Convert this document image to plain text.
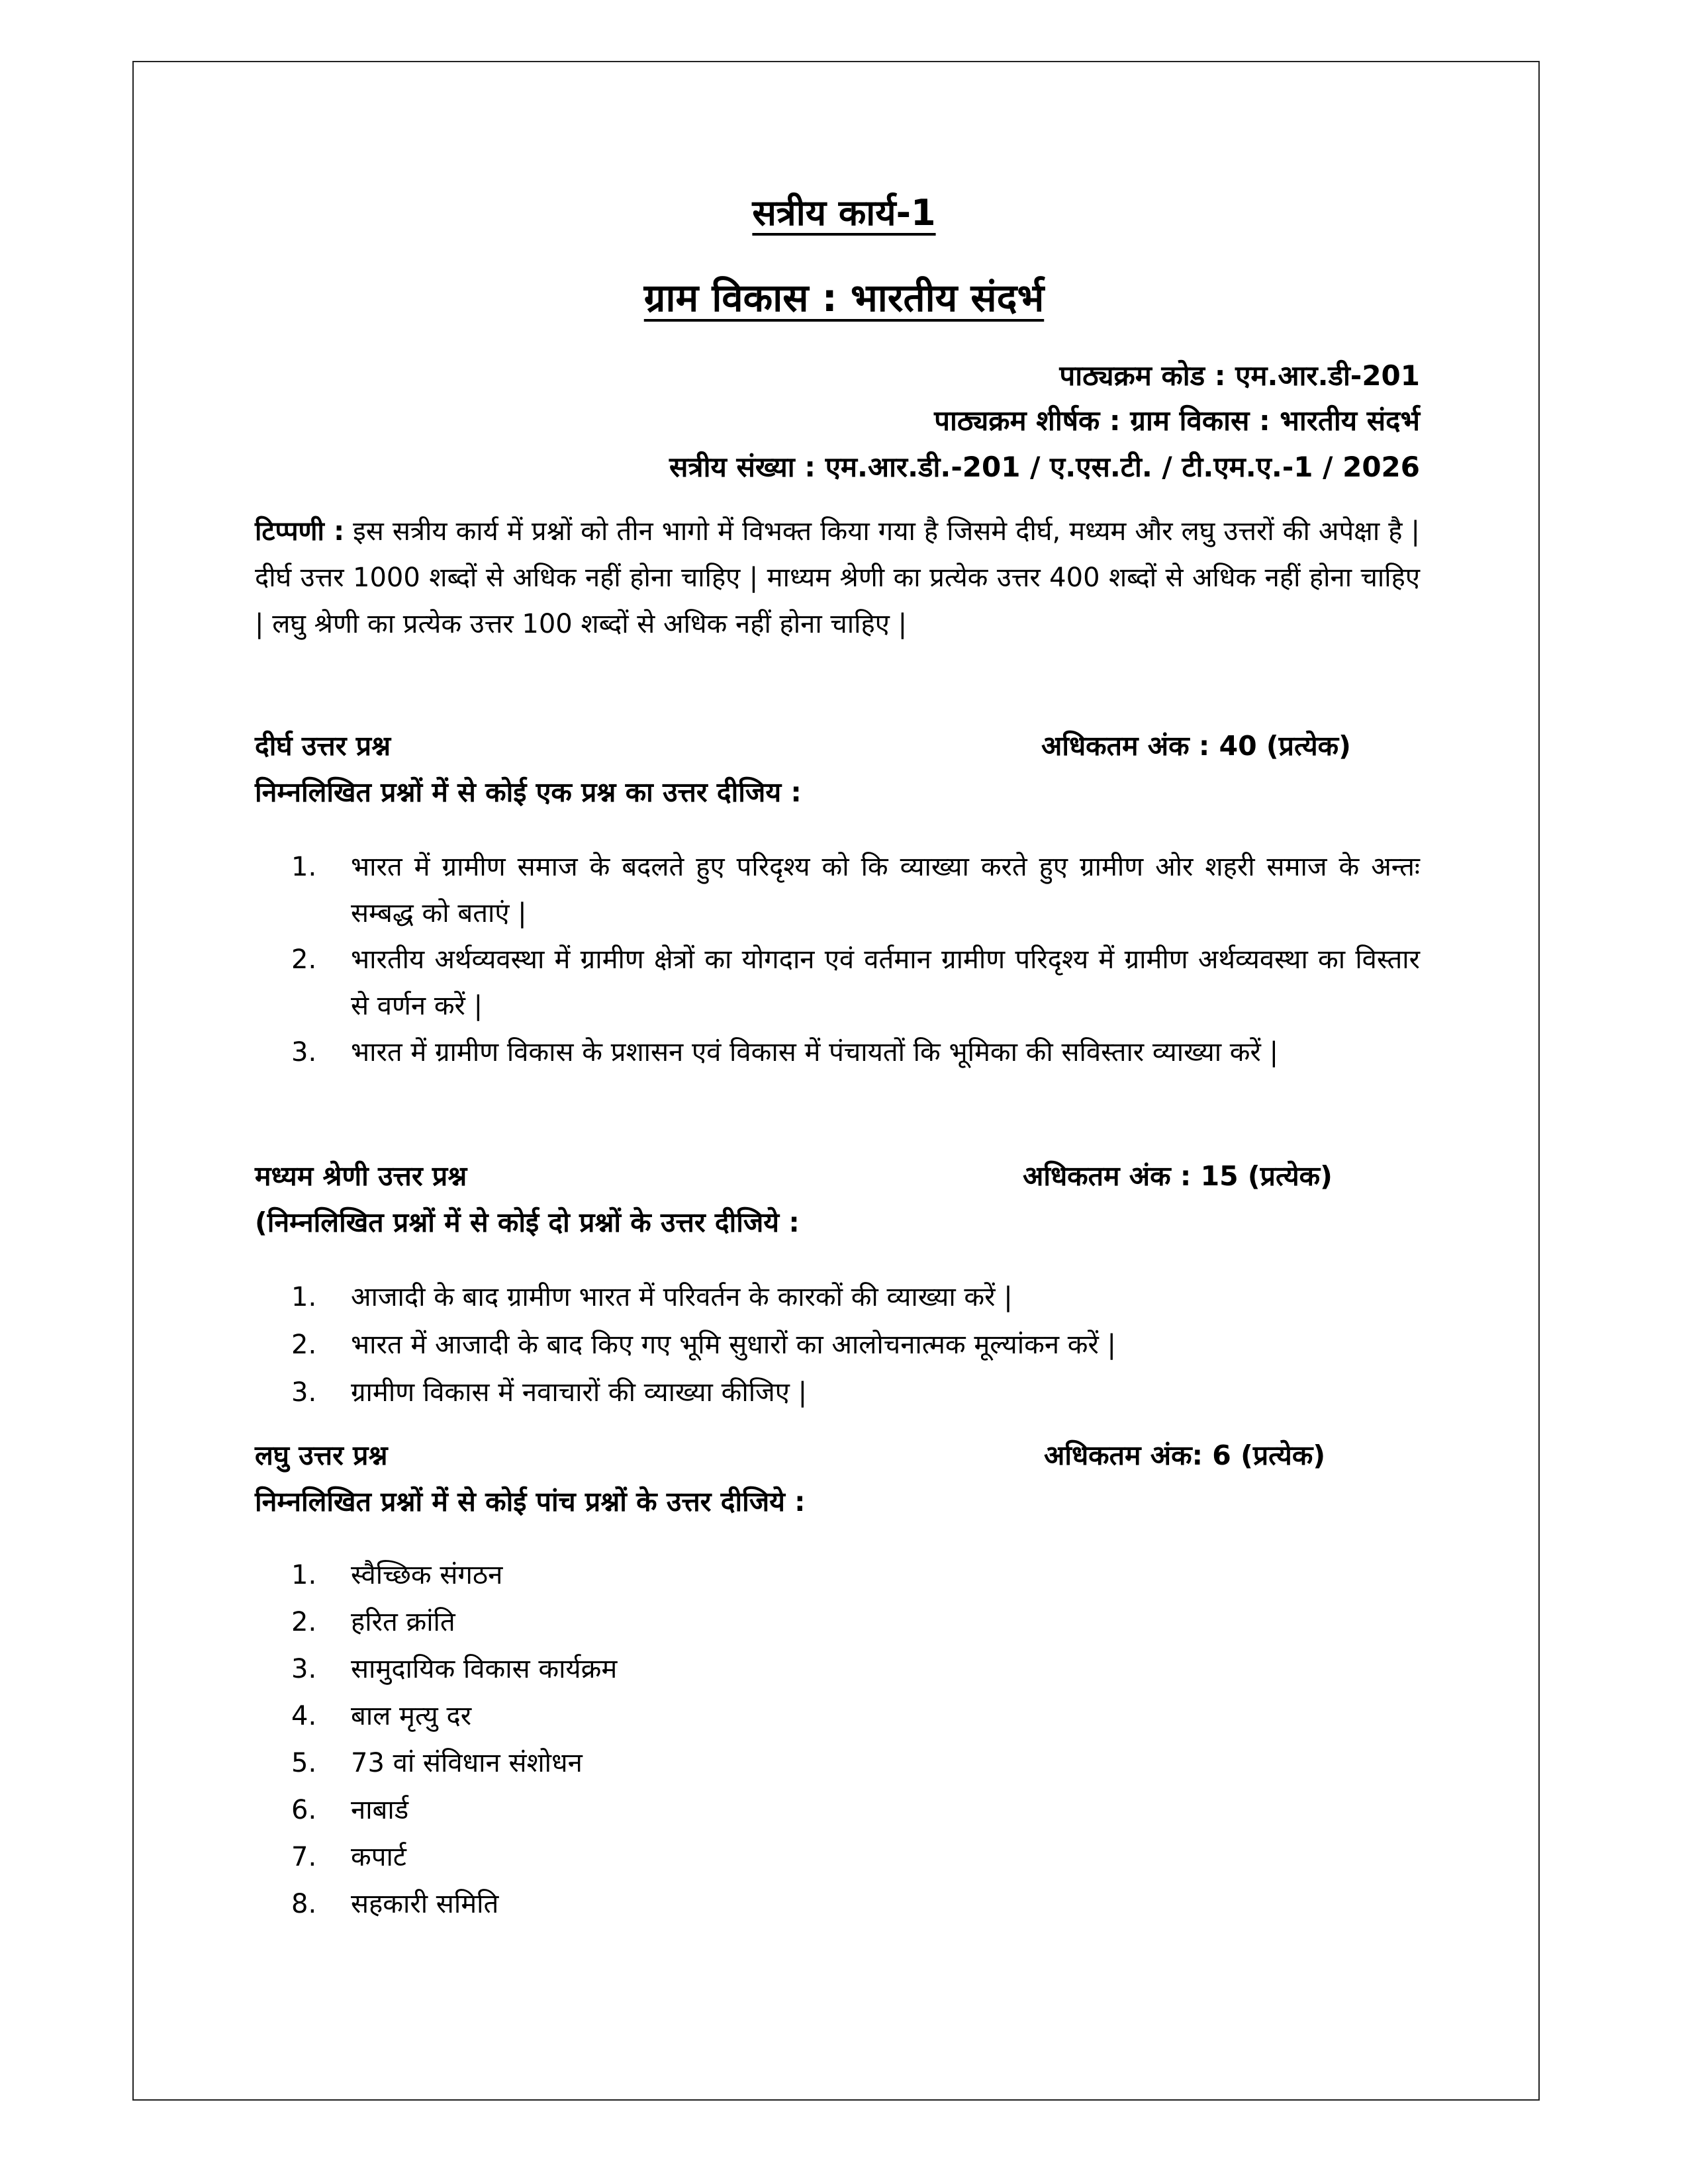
सत्रीय कार्य-1
ग्राम विकास : भारतीय संदर्भ

पाठ्यक्रम कोड : एम.आर.डी-201

पाठ्यक्रम शीर्षक : ग्राम विकास : भारतीय संदर्भ

सत्रीय संख्या : एम.आर.डी.-201 / ए.एस.टी. / टी.एम.ए.-1 / 2026

टिप्पणी : इस सत्रीय कार्य में प्रश्नों को तीन भागो में विभक्त किया गया है जिसमे दीर्घ, मध्यम और लघु उत्तरों की अपेक्षा है | दीर्घ उत्तर 1000 शब्दों से अधिक नहीं होना चाहिए | माध्यम श्रेणी का प्रत्येक उत्तर 400 शब्दों से अधिक नहीं होना चाहिए | लघु श्रेणी का प्रत्येक उत्तर 100 शब्दों से अधिक नहीं होना चाहिए |

दीर्घ उत्तर प्रश्न	अधिकतम अंक : 40 (प्रत्येक)

निम्नलिखित प्रश्नों में से कोई एक प्रश्न का उत्तर दीजिय :

1.	भारत में ग्रामीण समाज के बदलते हुए परिदृश्य को कि व्याख्या करते हुए ग्रामीण ओर शहरी समाज के अन्तः सम्बद्ध को बताएं |
2.	भारतीय अर्थव्यवस्था में ग्रामीण क्षेत्रों का योगदान एवं वर्तमान ग्रामीण परिदृश्य में ग्रामीण अर्थव्यवस्था का विस्तार से वर्णन करें |
3.	भारत में ग्रामीण विकास के प्रशासन एवं विकास में पंचायतों कि भूमिका की सविस्तार व्याख्या करें |

मध्यम श्रेणी उत्तर प्रश्न	अधिकतम अंक : 15 (प्रत्येक)

(निम्नलिखित प्रश्नों में से कोई दो प्रश्नों के उत्तर दीजिये :

1.	आजादी के बाद ग्रामीण भारत में परिवर्तन के कारकों की व्याख्या करें |
2.	भारत में आजादी के बाद किए गए भूमि सुधारों का आलोचनात्मक मूल्यांकन करें |
3.	ग्रामीण विकास में नवाचारों की व्याख्या कीजिए |

लघु उत्तर प्रश्न	अधिकतम अंक: 6 (प्रत्येक)

निम्नलिखित प्रश्नों में से कोई पांच प्रश्नों के उत्तर दीजिये :

1.	स्वैच्छिक संगठन
2.	हरित क्रांति
3.	सामुदायिक विकास कार्यक्रम
4.	बाल मृत्यु दर
5.	73 वां संविधान संशोधन
6.	नाबार्ड
7.	कपार्ट
8.	सहकारी समिति
